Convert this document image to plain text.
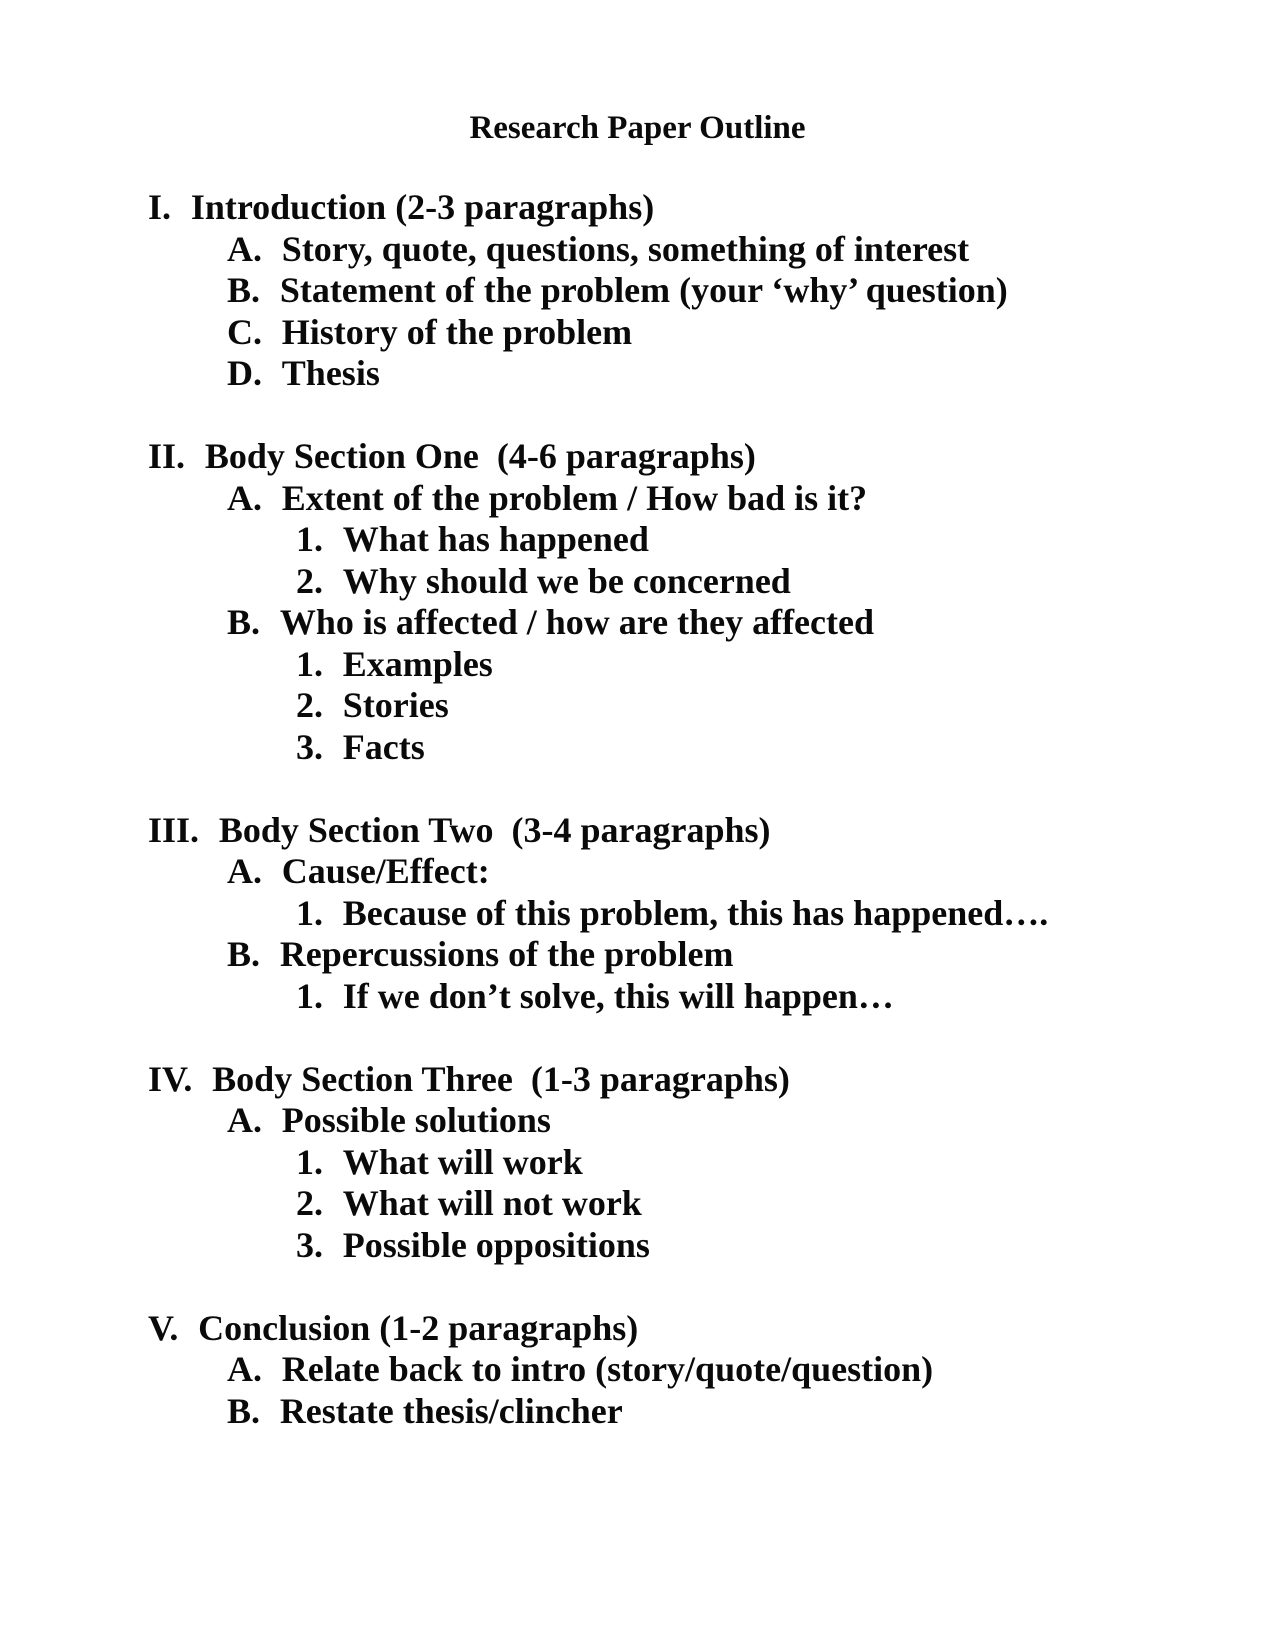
Research Paper Outline
I. Introduction (2-3 paragraphs)
A. Story, quote, questions, something of interest
B. Statement of the problem (your ‘why’ question)
C. History of the problem
D. Thesis
II. Body Section One  (4-6 paragraphs)
A. Extent of the problem / How bad is it?
1. What has happened
2. Why should we be concerned
B. Who is affected / how are they affected
1. Examples
2. Stories
3. Facts
III. Body Section Two  (3-4 paragraphs)
A. Cause/Effect:
1. Because of this problem, this has happened….
B. Repercussions of the problem
1. If we don’t solve, this will happen…
IV. Body Section Three  (1-3 paragraphs)
A. Possible solutions
1. What will work
2. What will not work
3. Possible oppositions
V. Conclusion (1-2 paragraphs)
A. Relate back to intro (story/quote/question)
B. Restate thesis/clincher
